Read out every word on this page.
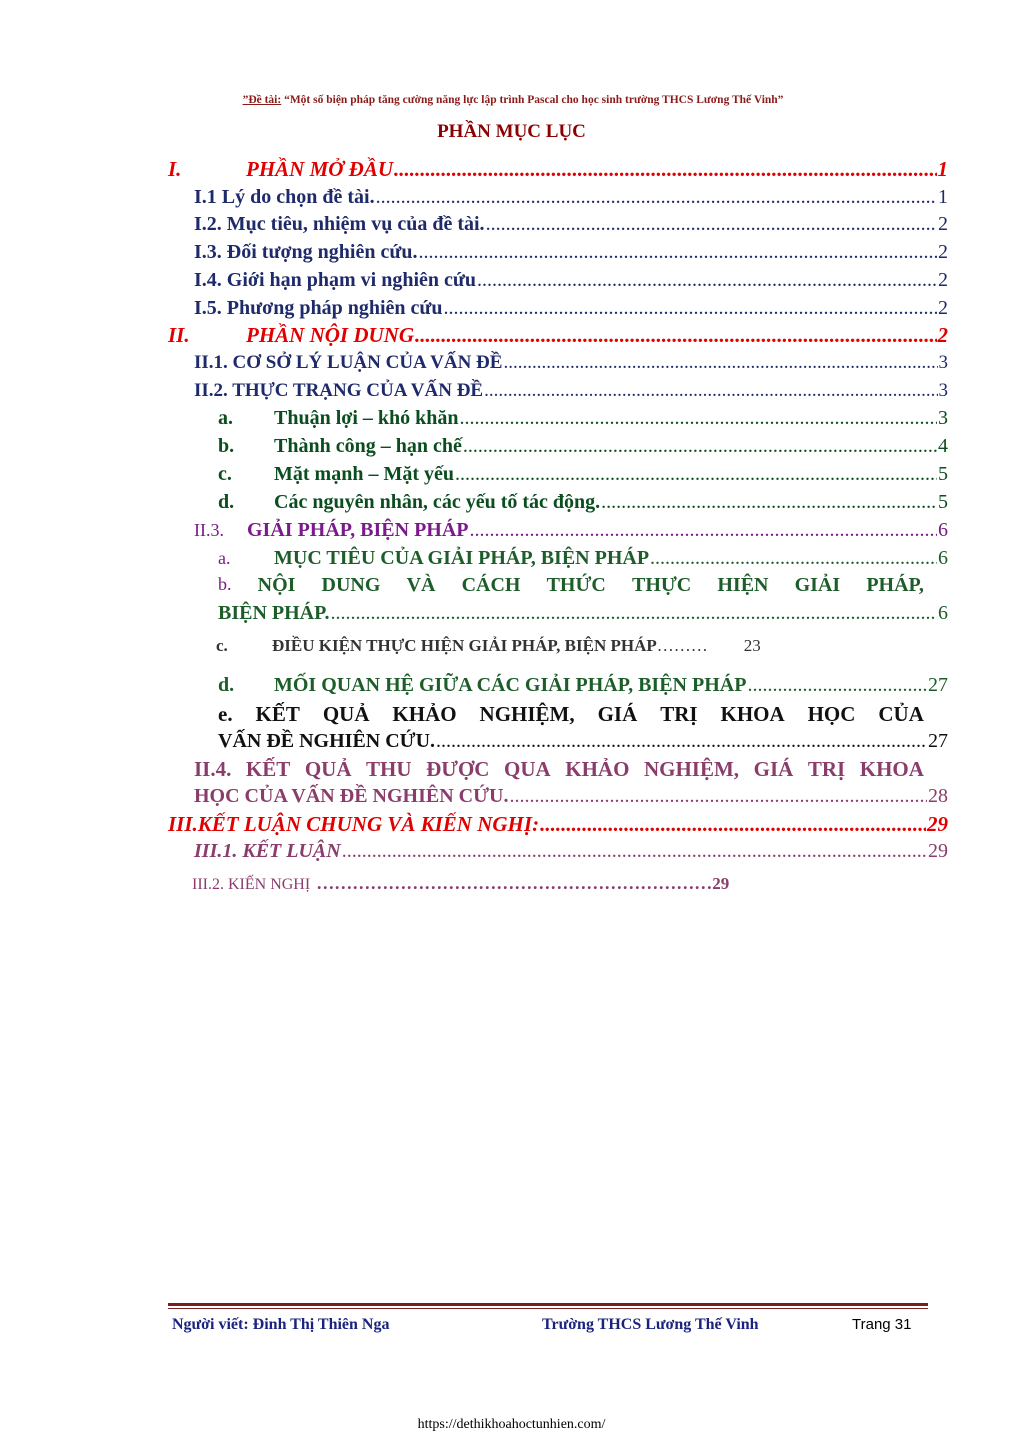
”Đề tài: “Một số biện pháp tăng cường năng lực lập trình Pascal cho học sinh trường THCS Lương Thế Vinh”
PHẦN MỤC LỤC
I.	PHẦN MỞ ĐẦU .....	1
I.1 Lý do chọn đề tài. .....	1
I.2. Mục tiêu, nhiệm vụ của đề tài. .....	2
I.3. Đối tượng nghiên cứu. .....	2
I.4. Giới hạn phạm vi nghiên cứu .....	2
I.5. Phương pháp nghiên cứu .....	2
II.	PHẦN NỘI DUNG .....	2
II.1. CƠ SỞ LÝ LUẬN CỦA VẤN ĐỀ .....	3
II.2. THỰC TRẠNG CỦA VẤN ĐỀ .....	3
a.	Thuận lợi – khó khăn .....	3
b.	Thành công – hạn chế .....	4
c.	Mặt mạnh – Mặt yếu .....	5
d.	Các nguyên nhân, các yếu tố tác động. .....	5
II.3.	GIẢI PHÁP, BIỆN PHÁP .....	6
a.	MỤC TIÊU CỦA GIẢI PHÁP, BIỆN PHÁP .....	6
b. NỘI DUNG VÀ CÁCH THỨC THỰC HIỆN GIẢI PHÁP,
BIỆN PHÁP. .....	6
c.	ĐIỀU KIỆN THỰC HIỆN GIẢI PHÁP, BIỆN PHÁP ……… 23
d.	MỐI QUAN HỆ GIỮA CÁC GIẢI PHÁP, BIỆN PHÁP .....	27
e. KẾT QUẢ KHẢO NGHIỆM, GIÁ TRỊ KHOA HỌC CỦA
VẤN ĐỀ NGHIÊN CỨU. .....	27
II.4. KẾT QUẢ THU ĐƯỢC QUA KHẢO NGHIỆM, GIÁ TRỊ KHOA
HỌC CỦA VẤN ĐỀ NGHIÊN CỨU. .....	28
III.KẾT LUẬN CHUNG VÀ KIẾN NGHỊ: .....	29
III.1. KẾT LUẬN .....	29
III.2. KIẾN NGHỊ ………………………………………………………… 29
Người viết: Đinh Thị Thiên Nga	Trường THCS Lương Thế Vinh	Trang 31
https://dethikhoahoctunhien.com/
